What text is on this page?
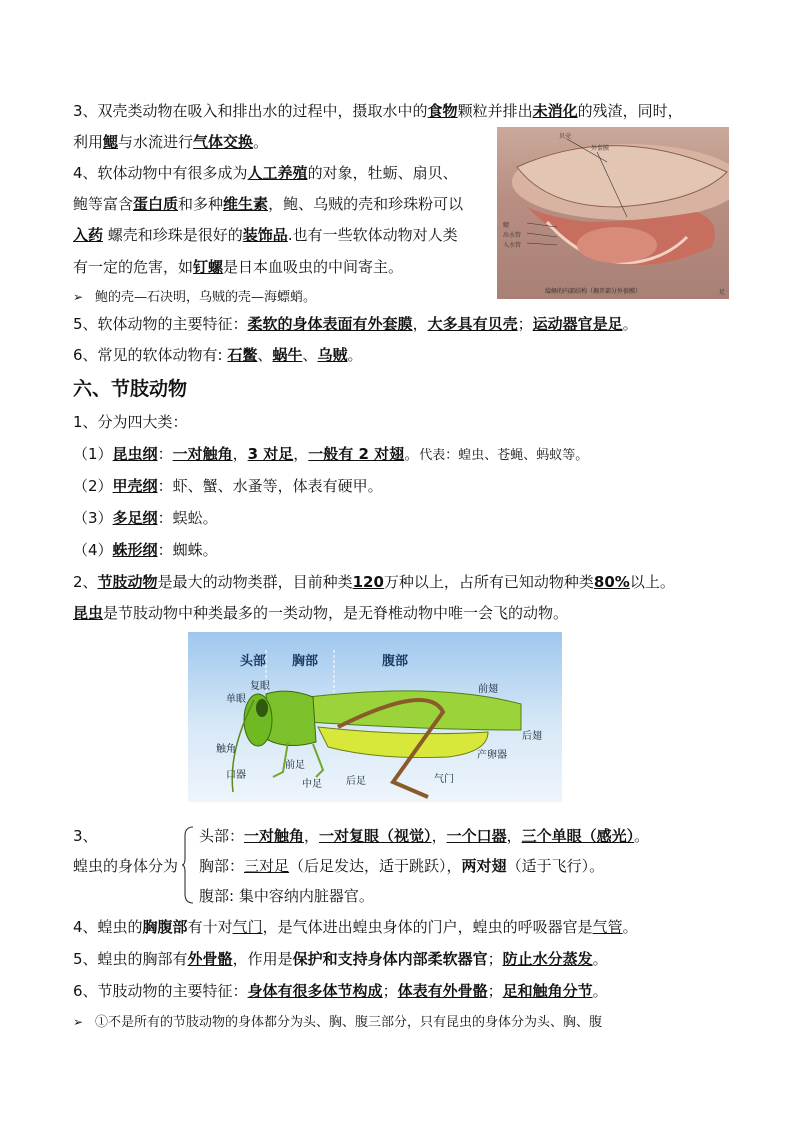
3、双壳类动物在吸入和排出水的过程中，摄取水中的食物颗粒并排出未消化的残渣，同时，
利用鳃与水流进行气体交换。
4、软体动物中有很多成为人工养殖的对象，牡蛎、扇贝、
鲍等富含蛋白质和多种维生素，鲍、乌贼的壳和珍珠粉可以
入药 螺壳和珍珠是很好的装饰品.也有一些软体动物对人类
有一定的危害，如钉螺是日本血吸虫的中间寄主。
➢ 鲍的壳—石决明，乌贼的壳—海螵蛸。
贝壳
外套膜
鳃
出水管
入水管
足
缢蛏的内部结构（揭开部分外套膜）
5、软体动物的主要特征：柔软的身体表面有外套膜，大多具有贝壳；运动器官是足。
6、常见的软体动物有: 石鳖、蜗牛、乌贼。
六、节肢动物
1、分为四大类：
（1）昆虫纲：一对触角，3 对足，一般有 2 对翅。代表：蝗虫、苍蝇、蚂蚁等。
（2）甲壳纲：虾、蟹、水蚤等，体表有硬甲。
（3）多足纲：蜈蚣。
（4）蛛形纲：蜘蛛。
2、节肢动物是最大的动物类群，目前种类120万种以上，占所有已知动物种类80%以上。
昆虫是节肢动物中种类最多的一类动物，是无脊椎动物中唯一会飞的动物。
头部 胸部	腹部
复眼
单眼
触角
口器
前足
中足 后足	气门
产卵器
前翅
后翅
3、
蝗虫的身体分为
头部：一对触角，一对复眼（视觉），一个口器，三个单眼（感光）。
胸部：三对足（后足发达，适于跳跃），两对翅（适于飞行）。
腹部: 集中容纳内脏器官。
4、蝗虫的胸腹部有十对气门，是气体进出蝗虫身体的门户，蝗虫的呼吸器官是气管。
5、蝗虫的胸部有外骨骼，作用是保护和支持身体内部柔软器官；防止水分蒸发。
6、节肢动物的主要特征：身体有很多体节构成；体表有外骨骼；足和触角分节。
➢ ①不是所有的节肢动物的身体都分为头、胸、腹三部分，只有昆虫的身体分为头、胸、腹
